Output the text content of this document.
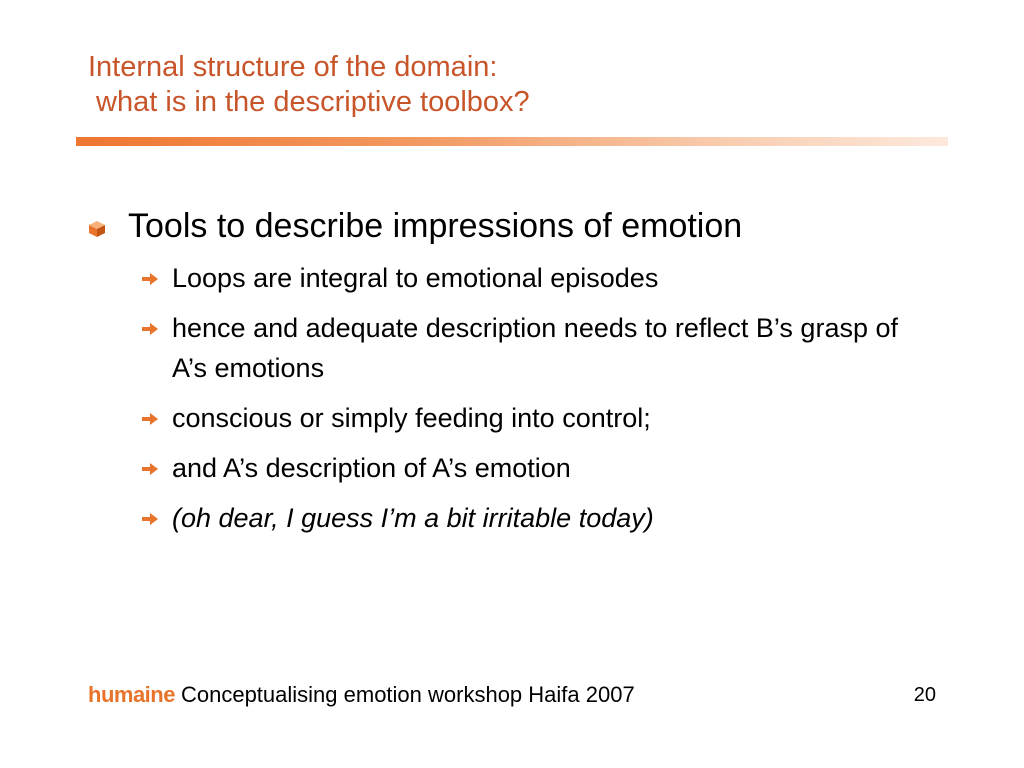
Internal structure of the domain:
what is in the descriptive toolbox?
Tools to describe impressions of emotion
Loops are integral to emotional episodes
hence and adequate description needs to reflect B’s grasp of A’s emotions
conscious or simply feeding into control;
and A’s description of A’s emotion
(oh dear, I guess I’m a bit irritable today)
humaine Conceptualising emotion workshop Haifa 2007	20
